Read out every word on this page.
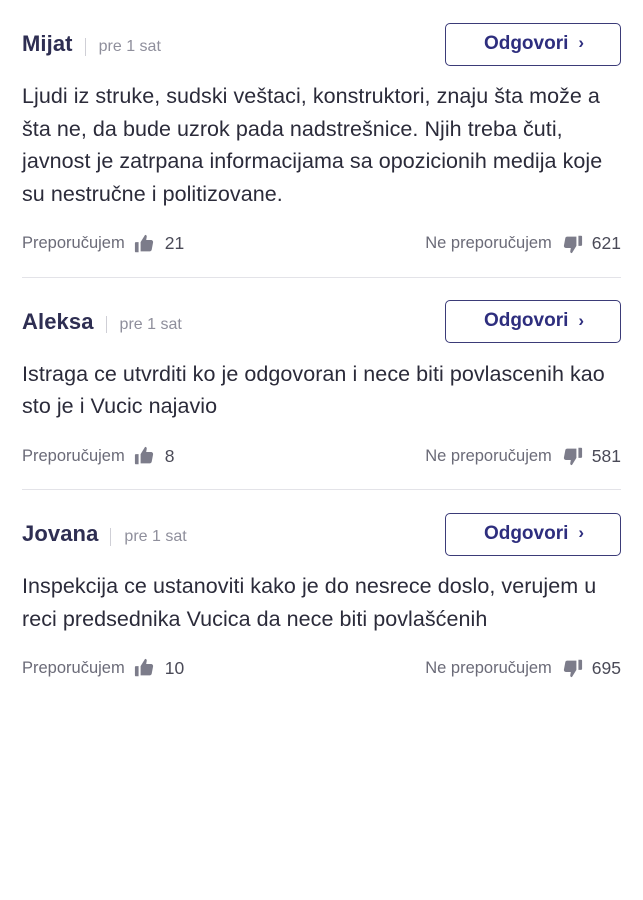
Mijat	pre 1 sat	Odgovori ›

Ljudi iz struke, sudski veštaci, konstruktori, znaju šta može a šta ne, da bude uzrok pada nadstrešnice. Njih treba čuti, javnost je zatrpana informacijama sa opozicionih medija koje su nestručne i politizovane.

Preporučujem 21	Ne preporučujem 621
Aleksa	pre 1 sat	Odgovori ›

Istraga ce utvrditi ko je odgovoran i nece biti povlascenih kao sto je i Vucic najavio

Preporučujem 8	Ne preporučujem 581
Jovana	pre 1 sat	Odgovori ›

Inspekcija ce ustanoviti kako je do nesrece doslo, verujem u reci predsednika Vucica da nece biti povlašćenih

Preporučujem 10	Ne preporučujem 695
